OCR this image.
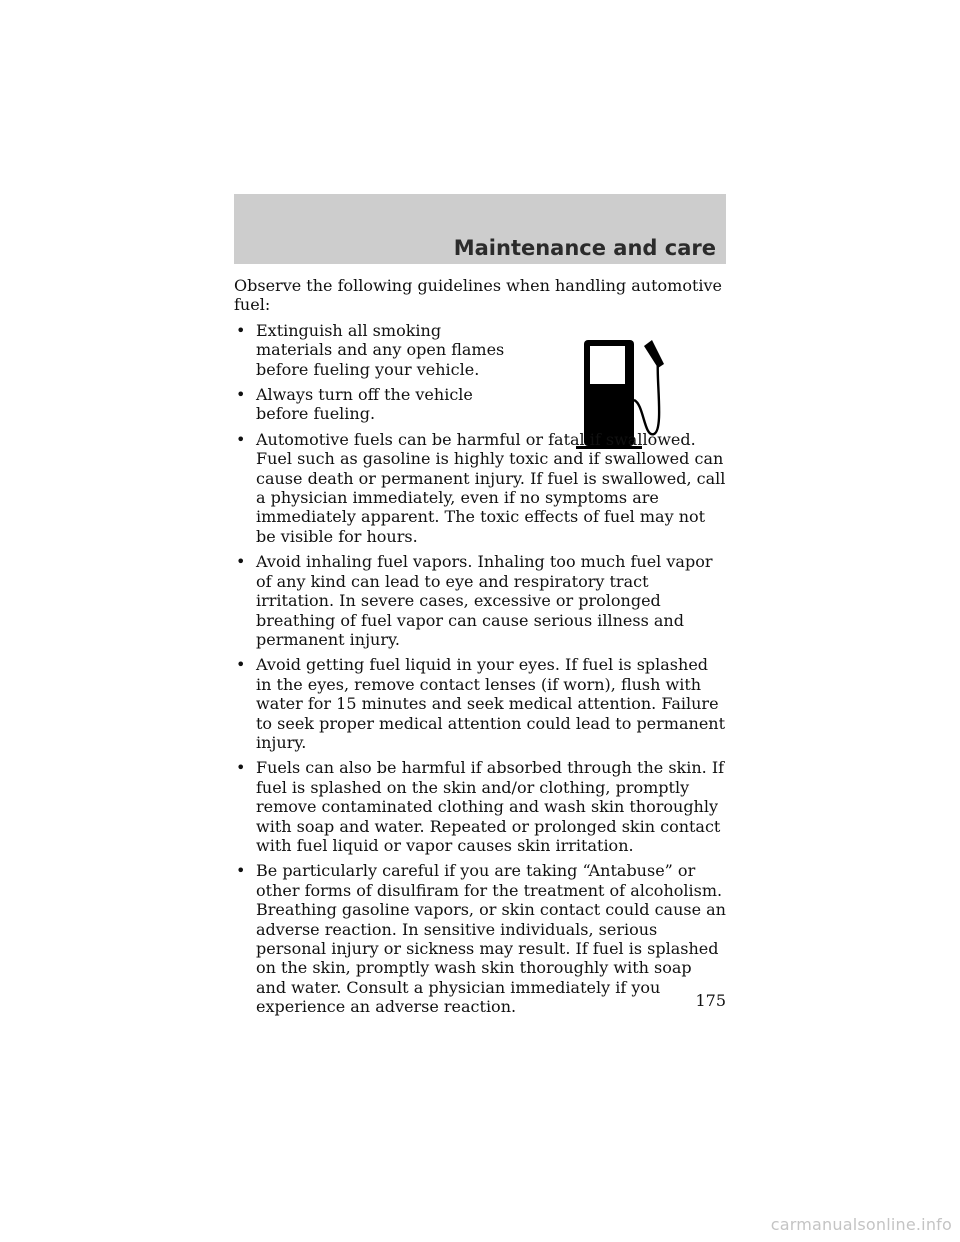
Maintenance and care

Observe the following guidelines when handling automotive fuel:

• Extinguish all smoking materials and any open flames before fueling your vehicle.
• Always turn off the vehicle before fueling.
• Automotive fuels can be harmful or fatal if swallowed. Fuel such as gasoline is highly toxic and if swallowed can cause death or permanent injury. If fuel is swallowed, call a physician immediately, even if no symptoms are immediately apparent. The toxic effects of fuel may not be visible for hours.
• Avoid inhaling fuel vapors. Inhaling too much fuel vapor of any kind can lead to eye and respiratory tract irritation. In severe cases, excessive or prolonged breathing of fuel vapor can cause serious illness and permanent injury.
• Avoid getting fuel liquid in your eyes. If fuel is splashed in the eyes, remove contact lenses (if worn), flush with water for 15 minutes and seek medical attention. Failure to seek proper medical attention could lead to permanent injury.
• Fuels can also be harmful if absorbed through the skin. If fuel is splashed on the skin and/or clothing, promptly remove contaminated clothing and wash skin thoroughly with soap and water. Repeated or prolonged skin contact with fuel liquid or vapor causes skin irritation.
• Be particularly careful if you are taking “Antabuse” or other forms of disulfiram for the treatment of alcoholism. Breathing gasoline vapors, or skin contact could cause an adverse reaction. In sensitive individuals, serious personal injury or sickness may result. If fuel is splashed on the skin, promptly wash skin thoroughly with soap and water. Consult a physician immediately if you experience an adverse reaction.	175
carmanualsonline.info
